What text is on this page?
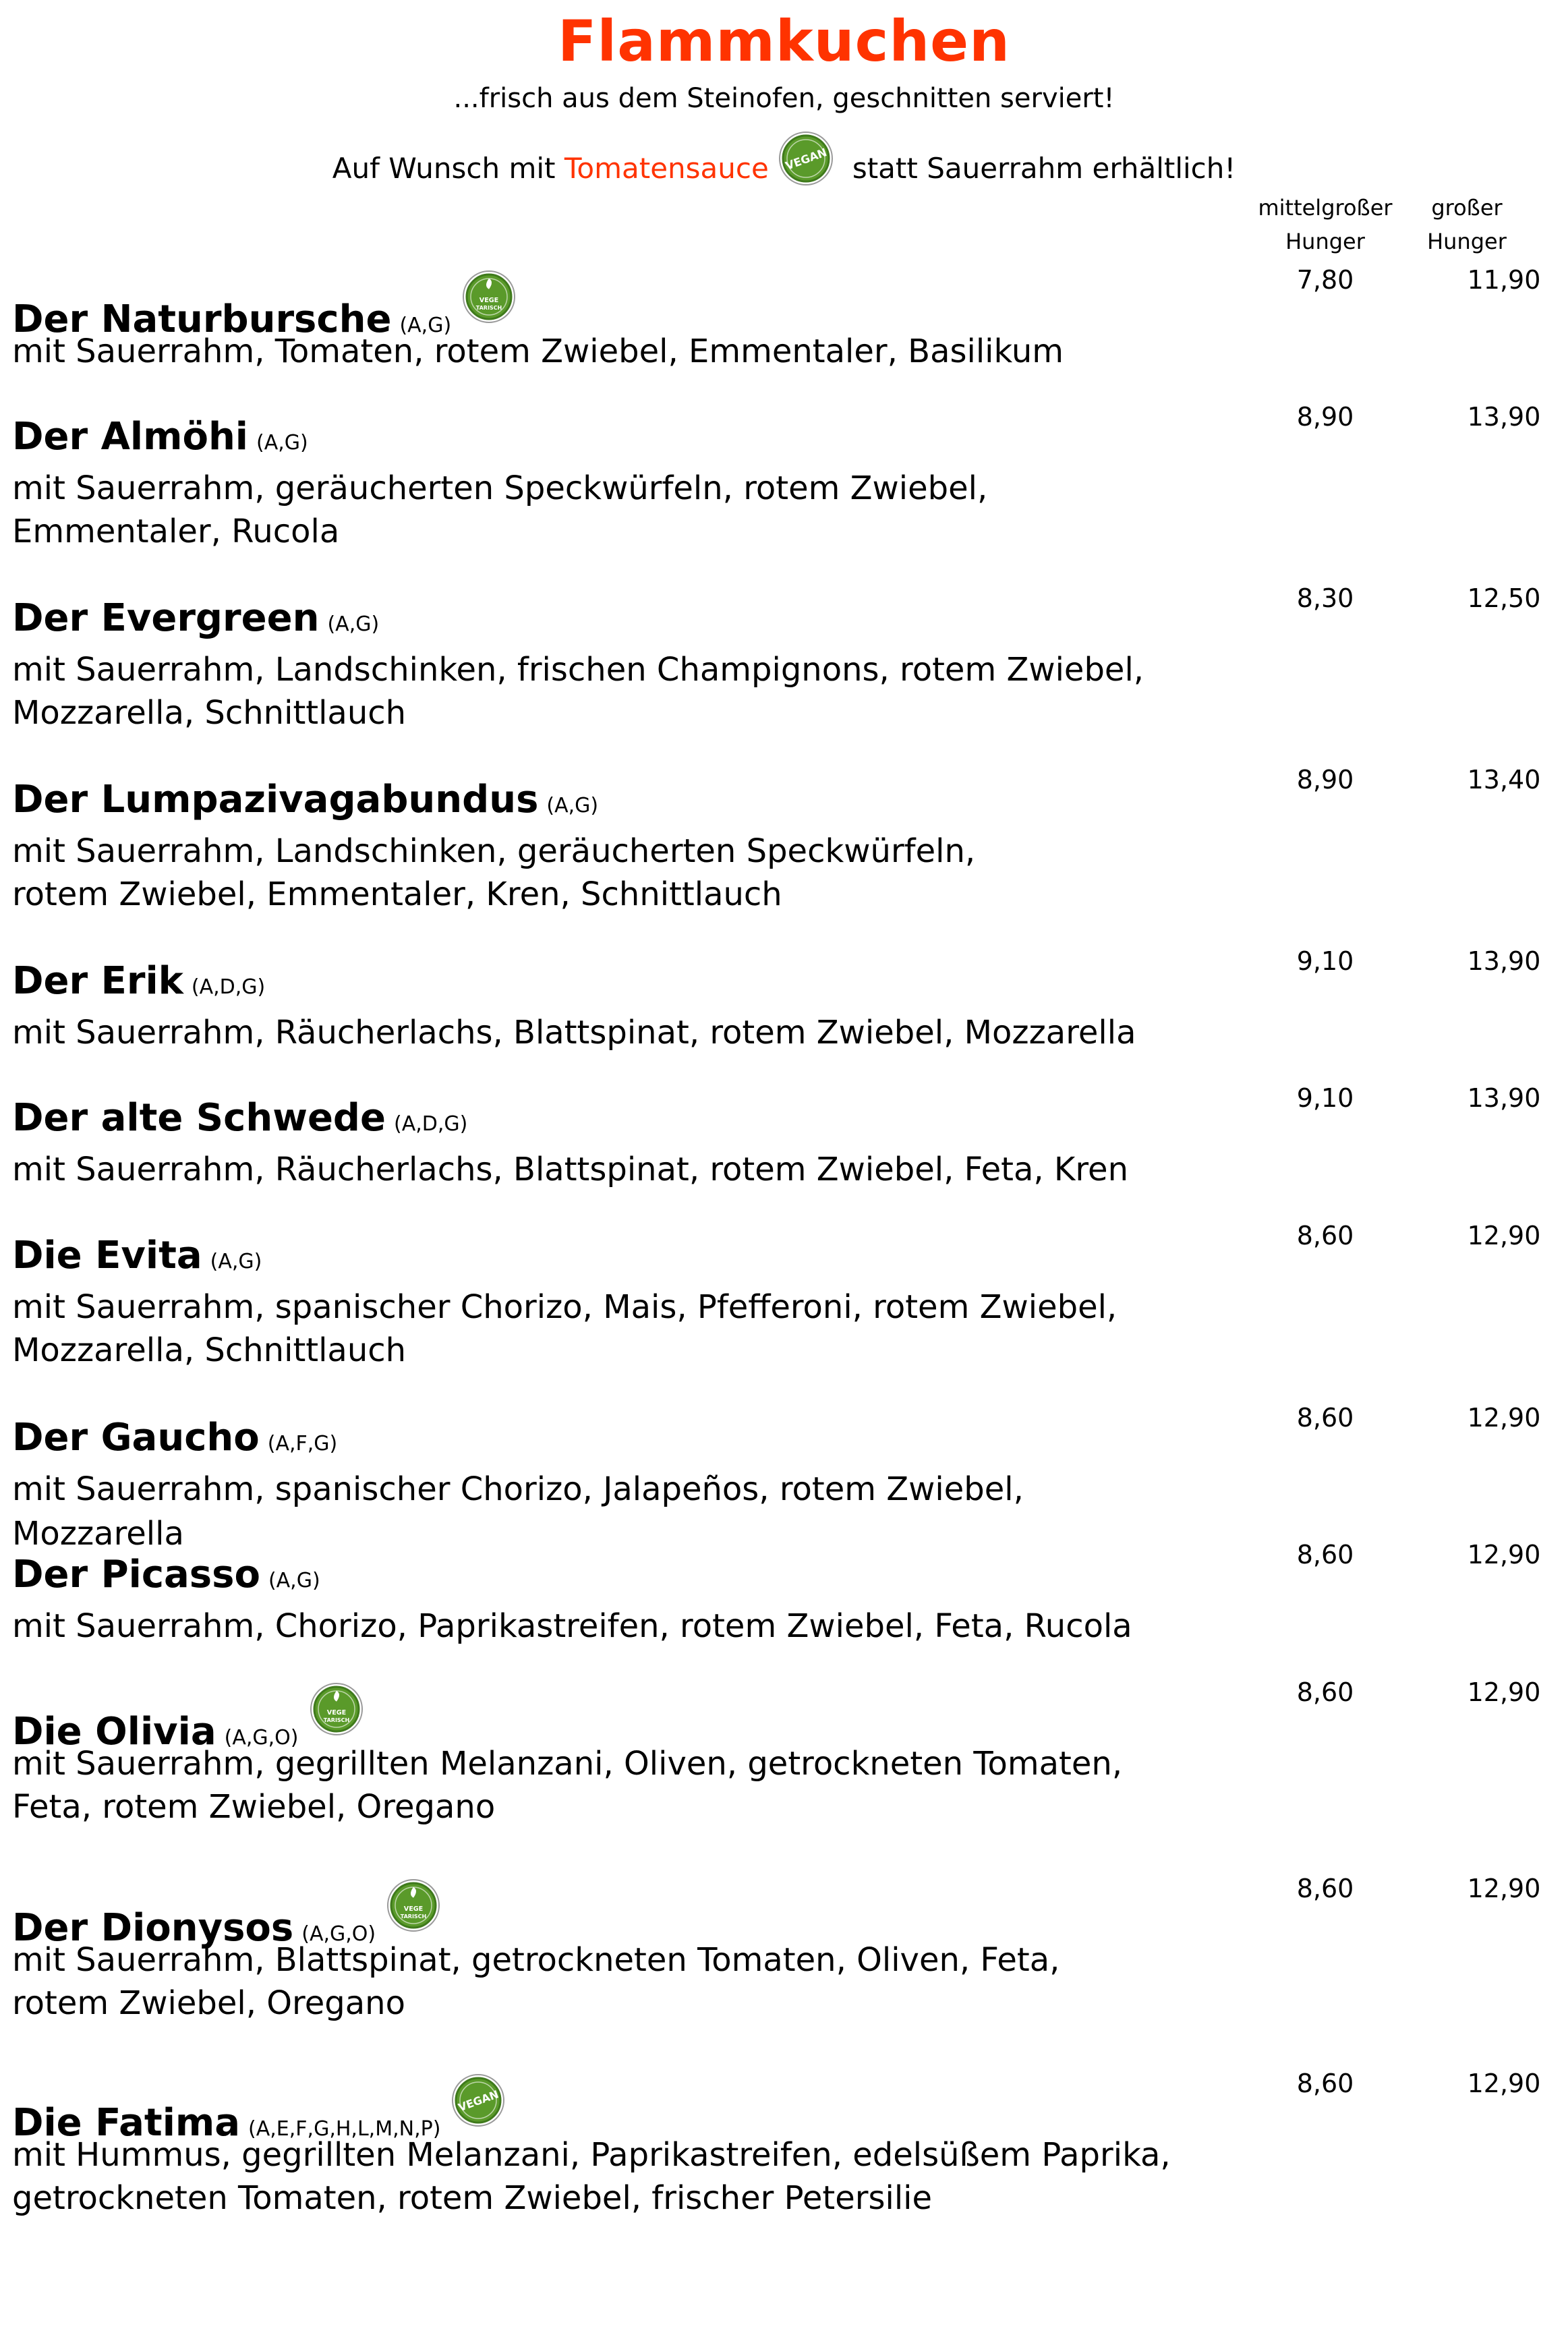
Flammkuchen
...frisch aus dem Steinofen, geschnitten serviert!
Auf Wunsch mit Tomatensauce VEGAN statt Sauerrahm erhältlich!
mittelgroßer
Hunger
großer
Hunger
Der Naturbursche (A,G)
VEGE
TARISCH
mit Sauerrahm, Tomaten, rotem Zwiebel, Emmentaler, Basilikum
7,80	11,90
Der Almöhi (A,G)
mit Sauerrahm, geräucherten Speckwürfeln, rotem Zwiebel,
Emmentaler, Rucola
8,90	13,90
Der Evergreen (A,G)
mit Sauerrahm, Landschinken, frischen Champignons, rotem Zwiebel,
Mozzarella, Schnittlauch
8,30	12,50
Der Lumpazivagabundus (A,G)
mit Sauerrahm, Landschinken, geräucherten Speckwürfeln,
rotem Zwiebel, Emmentaler, Kren, Schnittlauch
8,90	13,40
Der Erik (A,D,G)
mit Sauerrahm, Räucherlachs, Blattspinat, rotem Zwiebel, Mozzarella
9,10	13,90
Der alte Schwede (A,D,G)
mit Sauerrahm, Räucherlachs, Blattspinat, rotem Zwiebel, Feta, Kren
9,10	13,90
Die Evita (A,G)
mit Sauerrahm, spanischer Chorizo, Mais, Pfefferoni, rotem Zwiebel,
Mozzarella, Schnittlauch
8,60	12,90
Der Gaucho (A,F,G)
mit Sauerrahm, spanischer Chorizo, Jalapeños, rotem Zwiebel, Mozzarella
8,60	12,90
Der Picasso (A,G)
mit Sauerrahm, Chorizo, Paprikastreifen, rotem Zwiebel, Feta, Rucola
8,60	12,90
Die Olivia (A,G,O)
VEGE
TARISCH
mit Sauerrahm, gegrillten Melanzani, Oliven, getrockneten Tomaten,
Feta, rotem Zwiebel, Oregano
8,60	12,90
Der Dionysos (A,G,O)
VEGE
TARISCH
mit Sauerrahm, Blattspinat, getrockneten Tomaten, Oliven, Feta,
rotem Zwiebel, Oregano
8,60	12,90
Die Fatima (A,E,F,G,H,L,M,N,P)
VEGAN
mit Hummus, gegrillten Melanzani, Paprikastreifen, edelsüßem Paprika,
getrockneten Tomaten, rotem Zwiebel, frischer Petersilie
8,60	12,90
